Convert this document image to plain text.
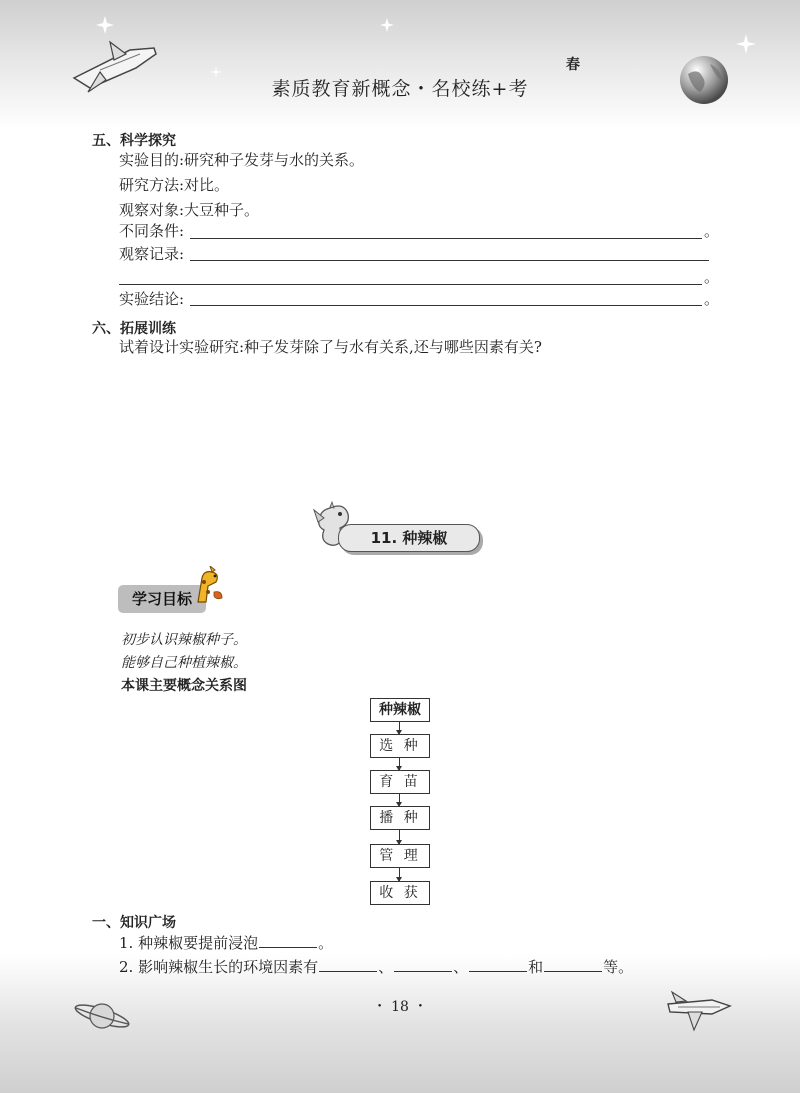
素质教育新概念・名校练+考
春
五、科学探究
实验目的:研究种子发芽与水的关系。
研究方法:对比。
观察对象:大豆种子。
不同条件:	。
观察记录:
。
实验结论:	。
六、拓展训练
试着设计实验研究:种子发芽除了与水有关系,还与哪些因素有关?
11. 种辣椒
学习目标
初步认识辣椒种子。
能够自己种植辣椒。
本课主要概念关系图
种辣椒
选 种
育 苗
播 种
管 理
收 获
一、知识广场
1. 种辣椒要提前浸泡	。
2. 影响辣椒生长的环境因素有	、	、	和	等。
・ 18 ・
